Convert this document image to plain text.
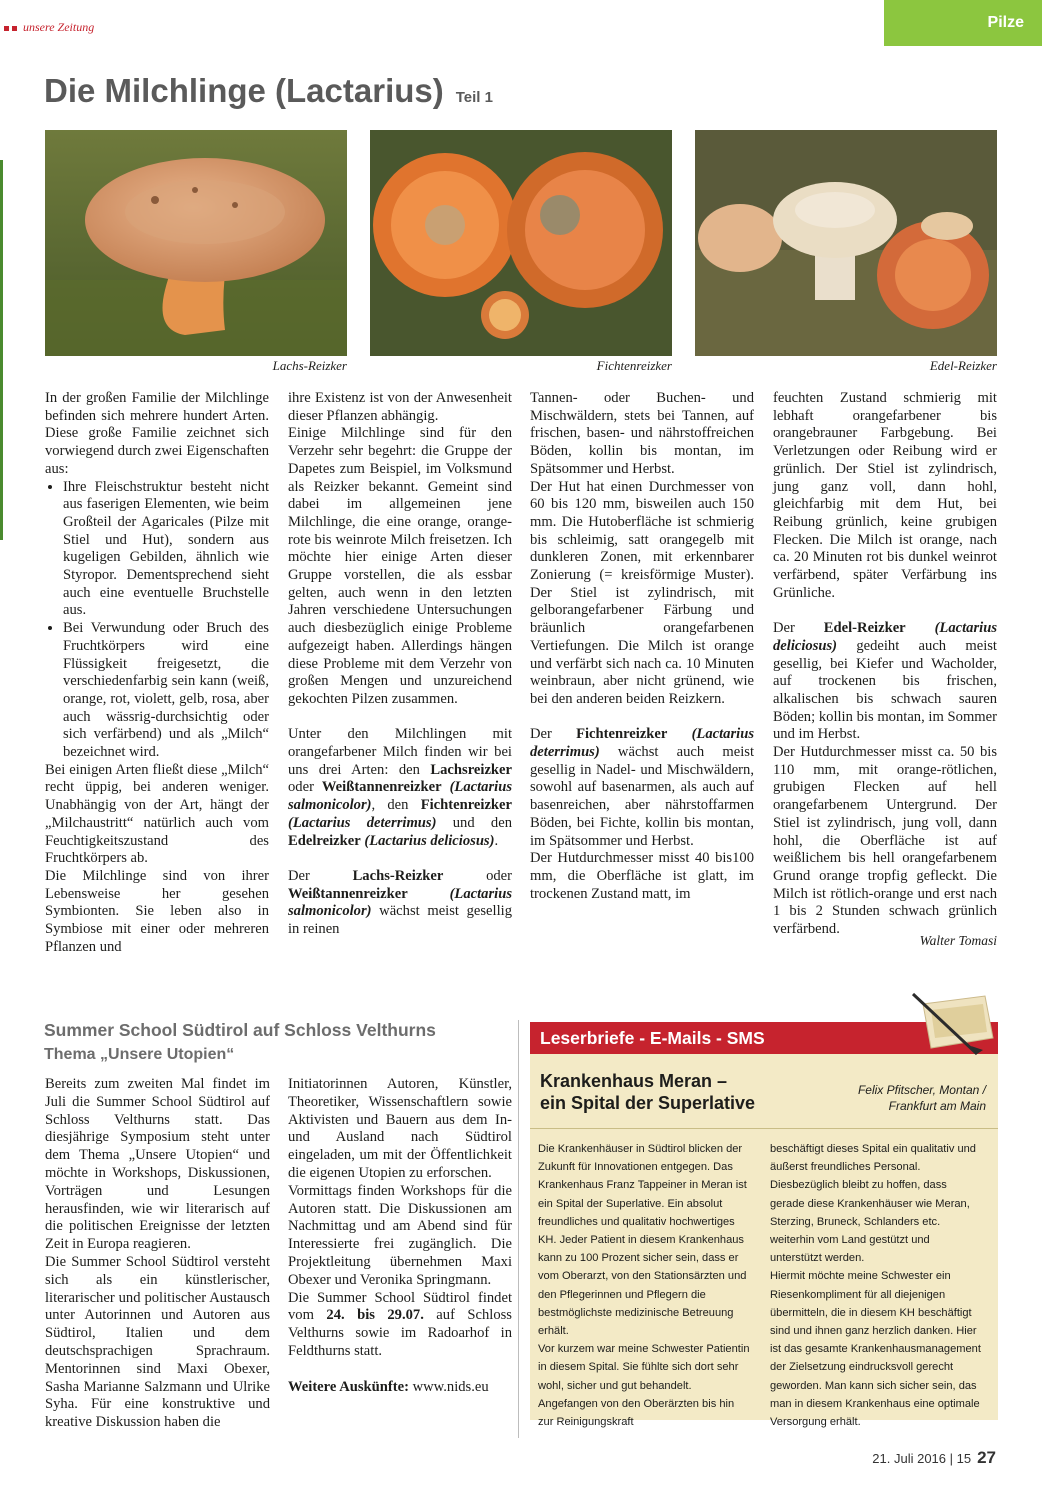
unsere Zeitung	Pilze
Die Milchlinge (Lactarius) Teil 1
Lachs-Reizker	Fichtenreizker	Edel-Reizker

In der großen Familie der Milchlinge befinden sich mehrere hundert Arten. Diese große Familie zeichnet sich vorwiegend durch zwei Eigenschaften aus:

• Ihre Fleischstruktur besteht nicht aus faserigen Elementen, wie beim Großteil der Agaricales (Pilze mit Stiel und Hut), sondern aus kugeligen Gebilden, ähnlich wie Styropor. Dementsprechend sieht auch eine eventuelle Bruchstelle aus.
• Bei Verwundung oder Bruch des Fruchtkörpers wird eine Flüssigkeit freigesetzt, die verschiedenfarbig sein kann (weiß, orange, rot, violett, gelb, rosa, aber auch wässrig-durchsichtig oder sich verfärbend) und als „Milch“ bezeichnet wird.

Bei einigen Arten fließt diese „Milch“ recht üppig, bei anderen weniger. Unabhängig von der Art, hängt der „Milchaustritt“ natürlich auch vom Feuchtigkeitszustand des Fruchtkörpers ab.

Die Milchlinge sind von ihrer Lebensweise her gesehen Symbionten. Sie leben also in Symbiose mit einer oder mehreren Pflanzen und

ihre Existenz ist von der Anwesenheit dieser Pflanzen abhängig.

Einige Milchlinge sind für den Verzehr sehr begehrt: die Gruppe der Dapetes zum Beispiel, im Volksmund als Reizker bekannt. Gemeint sind dabei im allgemeinen jene Milchlinge, die eine orange, orange-rote bis weinrote Milch freisetzen. Ich möchte hier einige Arten dieser Gruppe vorstellen, die als essbar gelten, auch wenn in den letzten Jahren verschiedene Untersuchungen auch diesbezüglich einige Probleme aufgezeigt haben. Allerdings hängen diese Probleme mit dem Verzehr von großen Mengen und unzureichend gekochten Pilzen zusammen.

Unter den Milchlingen mit orangefarbener Milch finden wir bei uns drei Arten: den Lachsreizker oder Weißtannenreizker (Lactarius salmonicolor), den Fichtenreizker (Lactarius deterrimus) und den Edelreizker (Lactarius deliciosus).

Der Lachs-Reizker oder Weißtannenreizker	(Lactarius salmonicolor) wächst meist gesellig in reinen

Tannen- oder Buchen- und Mischwäldern, stets bei Tannen, auf frischen, basen- und nährstoffreichen Böden, kollin bis montan, im Spätsommer und Herbst.

Der Hut hat einen Durchmesser von 60 bis 120 mm, bisweilen auch 150 mm. Die Hutoberfläche ist schmierig bis schleimig, satt orangegelb mit dunkleren Zonen, mit erkennbarer Zonierung (= kreisförmige Muster). Der Stiel ist zylindrisch, mit gelborangefarbener Färbung und bräunlich orangefarbenen Vertiefungen. Die Milch ist orange und verfärbt sich nach ca. 10 Minuten weinbraun, aber nicht grünend, wie bei den anderen beiden Reizkern.

Der Fichtenreizker (Lactarius deterrimus) wächst auch meist gesellig in Nadel- und Mischwäldern, sowohl auf basenarmen, als auch auf basenreichen, aber nährstoffarmen Böden, bei Fichte, kollin bis montan, im Spätsommer und Herbst.

Der Hutdurchmesser misst 40 bis100 mm, die Oberfläche ist glatt, im trockenen Zustand matt, im

feuchten Zustand schmierig mit lebhaft orangefarbener bis orangebrauner Farbgebung. Bei Verletzungen oder Reibung wird er grünlich. Der Stiel ist zylindrisch, jung ganz voll, dann hohl, gleichfarbig mit dem Hut, bei Reibung grünlich, keine grubigen Flecken. Die Milch ist orange, nach ca. 20 Minuten rot bis dunkel weinrot verfärbend, später Verfärbung ins Grünliche.

Der Edel-Reizker (Lactarius deliciosus) gedeiht auch meist gesellig, bei Kiefer und Wacholder, auf trockenen bis frischen, alkalischen bis schwach sauren Böden; kollin bis montan, im Sommer und im Herbst.

Der Hutdurchmesser misst ca. 50 bis 110 mm, mit orange-rötlichen, grubigen Flecken auf hell orangefarbenem Untergrund. Der Stiel ist zylindrisch, jung voll, dann hohl, die Oberfläche ist auf weißlichem bis hell orangefarbenem Grund orange tropfig gefleckt. Die Milch ist rötlich-orange und erst nach 1 bis 2 Stunden schwach grünlich verfärbend.

Walter Tomasi
Summer School Südtirol auf Schloss Velthurns
Thema „Unsere Utopien“

Bereits zum zweiten Mal findet im Juli die Summer School Südtirol auf Schloss Velthurns statt. Das diesjährige Symposium steht unter dem Thema „Unsere Utopien“ und möchte in Workshops, Diskussionen, Vorträgen und Lesungen herausfinden, wie wir literarisch auf die politischen Ereignisse der letzten Zeit in Europa reagieren.

Die Summer School Südtirol versteht sich als ein künstlerischer, literarischer und politischer Austausch unter Autorinnen und Autoren aus Südtirol, Italien und dem deutschsprachigen Sprachraum. Mentorinnen sind Maxi Obexer, Sasha Marianne Salzmann und Ulrike Syha. Für eine konstruktive und kreative Diskussion haben die

Initiatorinnen Autoren, Künstler, Theoretiker, Wissenschaftlern sowie Aktivisten und Bauern aus dem In- und Ausland nach Südtirol eingeladen, um mit der Öffentlichkeit die eigenen Utopien zu erforschen.

Vormittags finden Workshops für die Autoren statt. Die Diskussionen am Nachmittag und am Abend sind für Interessierte frei zugänglich. Die Projektleitung übernehmen Maxi Obexer und Veronika Springmann.

Die Summer School Südtirol findet vom 24. bis 29.07. auf Schloss Velthurns sowie im Radoarhof in Feldthurns statt.

Weitere Auskünfte: www.nids.eu

Leserbriefe - E-Mails - SMS
Krankenhaus Meran –
ein Spital der Superlative
Felix Pfitscher, Montan /
Frankfurt am Main

Die Krankenhäuser in Südtirol blicken der Zukunft für Innovationen entgegen. Das Krankenhaus Franz Tappeiner in Meran ist ein Spital der Superlative. Ein absolut freundliches und qualitativ hochwertiges KH. Jeder Patient in diesem Krankenhaus kann zu 100 Prozent sicher sein, dass er vom Oberarzt, von den Stationsärzten und den Pflegerinnen und Pflegern die bestmöglichste medizinische Betreuung erhält.

Vor kurzem war meine Schwester Patientin in diesem Spital. Sie fühlte sich dort sehr wohl, sicher und gut behandelt. Angefangen von den Oberärzten bis hin zur Reinigungskraft

beschäftigt dieses Spital ein qualitativ und äußerst freundliches Personal. Diesbezüglich bleibt zu hoffen, dass gerade diese Krankenhäuser wie Meran, Sterzing, Bruneck, Schlanders etc. weiterhin vom Land gestützt und unterstützt werden.

Hiermit möchte meine Schwester ein Riesenkompliment für all diejenigen übermitteln, die in diesem KH beschäftigt sind und ihnen ganz herzlich danken. Hier ist das gesamte Krankenhausmanagement der Zielsetzung eindrucksvoll gerecht geworden. Man kann sich sicher sein, das man in diesem Krankenhaus eine optimale Versorgung erhält.

21. Juli 2016 | 15 27
